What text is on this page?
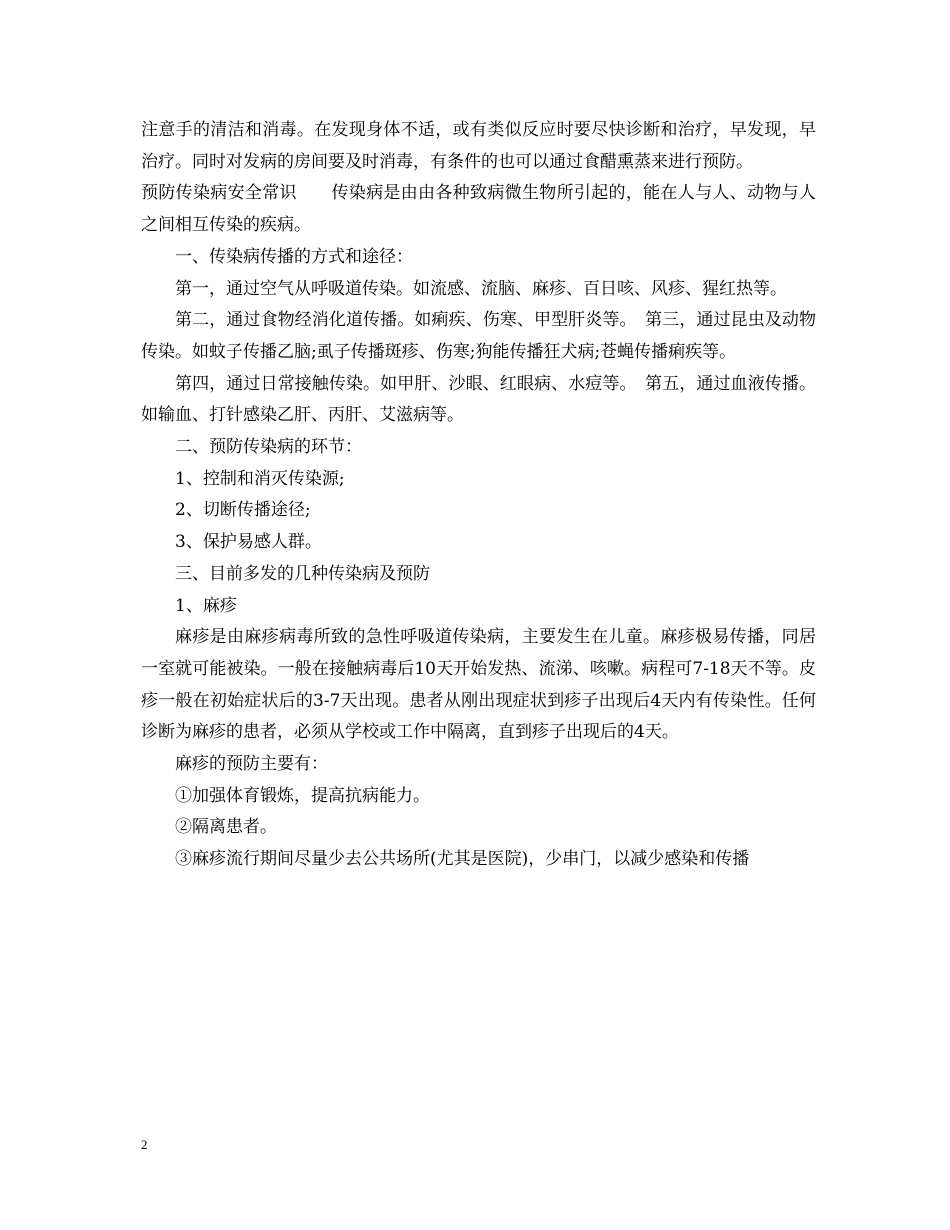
注意手的清洁和消毒。在发现身体不适，或有类似反应时要尽快诊断和治疗，早发现，早治疗。同时对发病的房间要及时消毒，有条件的也可以通过食醋熏蒸来进行预防。

预防传染病安全常识　　传染病是由由各种致病微生物所引起的，能在人与人、动物与人之间相互传染的疾病。

一、传染病传播的方式和途径：

第一，通过空气从呼吸道传染。如流感、流脑、麻疹、百日咳、风疹、猩红热等。

第二，通过食物经消化道传播。如痢疾、伤寒、甲型肝炎等。　第三，通过昆虫及动物传染。如蚊子传播乙脑;虱子传播斑疹、伤寒;狗能传播狂犬病;苍蝇传播痢疾等。

第四，通过日常接触传染。如甲肝、沙眼、红眼病、水痘等。　第五，通过血液传播。如输血、打针感染乙肝、丙肝、艾滋病等。

二、预防传染病的环节：

1、控制和消灭传染源;

2、切断传播途径;

3、保护易感人群。

三、目前多发的几种传染病及预防

1、麻疹

麻疹是由麻疹病毒所致的急性呼吸道传染病，主要发生在儿童。麻疹极易传播，同居一室就可能被染。一般在接触病毒后10天开始发热、流涕、咳嗽。病程可7-18天不等。皮疹一般在初始症状后的3-7天出现。患者从刚出现症状到疹子出现后4天内有传染性。任何诊断为麻疹的患者，必须从学校或工作中隔离，直到疹子出现后的4天。

麻疹的预防主要有：

①加强体育锻炼，提高抗病能力。

②隔离患者。

③麻疹流行期间尽量少去公共场所(尤其是医院)，少串门，以减少感染和传播

2
